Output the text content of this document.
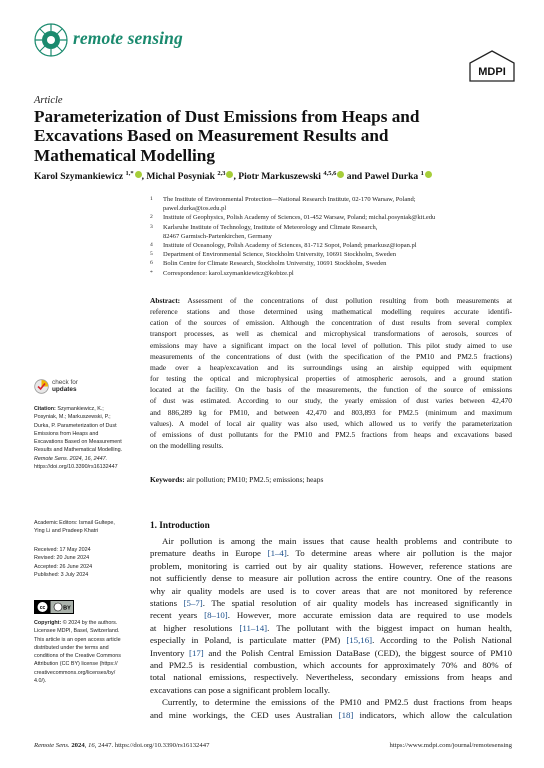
remote sensing
MDPI
Article
Parameterization of Dust Emissions from Heaps and
Excavations Based on Measurement Results and
Mathematical Modelling
Karol Szymankiewicz $^{1,*}$ , Michal Posyniak $^{2,3}$ , Piotr Markuszewski $^{4,5,6}$ and Pawel Durka $^1$
1	The Institute of Environmental Protection—National Research Institute, 02-170 Warsaw, Poland;
pawel.durka@ios.edu.pl
2	Institute of Geophysics, Polish Academy of Sciences, 01-452 Warsaw, Poland; michal.posyniak@kit.edu
3	Karlsruhe Institute of Technology, Institute of Meteorology and Climate Research,
82467 Garmisch-Partenkirchen, Germany
4	Institute of Oceanology, Polish Academy of Sciences, 81-712 Sopot, Poland; pmarkusz@iopan.pl
5	Department of Environmental Science, Stockholm University, 10691 Stockholm, Sweden
6	Bolin Centre for Climate Research, Stockholm University, 10691 Stockholm, Sweden
*	Correspondence: karol.szymankiewicz@kobize.pl
Abstract: Assessment of the concentrations of dust pollution resulting from both measurements at
reference stations and those determined using mathematical modelling requires accurate identifi-
cation of the sources of emission. Although the concentration of dust results from several complex
transport processes, as well as chemical and microphysical transformations of aerosols, sources of
emissions may have a significant impact on the local level of pollution. This pilot study aimed to use
measurements of the concentrations of dust (with the specification of the PM10 and PM2.5 fractions)
made over a heap/excavation and its surroundings using an airship equipped with equipment
for testing the optical and microphysical properties of atmospheric aerosols, and a ground station
located at the facility. On the basis of the measurements, the function of the source of emissions
of dust was estimated. According to our study, the yearly emission of dust varies between 42,470
and 886,289 kg for PM10, and between 42,470 and 803,893 for PM2.5 (minimum and maximum
values). A model of local air quality was also used, which allowed us to verify the parameterization
of emissions of dust pollutants for the PM10 and PM2.5 fractions from heaps and excavations based
on the modelling results.
Keywords: air pollution; PM10; PM2.5; emissions; heaps
check for
updates
Citation: Szymankiewicz, K.;
Posyniak, M.; Markuszewski, P.;
Durka, P. Parameterization of Dust
Emissions from Heaps and
Excavations Based on Measurement
Results and Mathematical Modelling.
Remote Sens. 2024, 16, 2447.
https://doi.org/10.3390/rs16132447
Academic Editors: Ismail Gultepe,
Ying Li and Pradeep Khatri
Received: 17 May 2024
Revised: 20 June 2024
Accepted: 26 June 2024
Published: 3 July 2024
cc	BY
Copyright: © 2024 by the authors.
Licensee MDPI, Basel, Switzerland.
This article is an open access article
distributed under the terms and
conditions of the Creative Commons
Attribution (CC BY) license (https://
creativecommons.org/licenses/by/
4.0/).
1. Introduction
Air pollution is among the main issues that cause health problems and contribute to
premature deaths in Europe [1–4]. To determine areas where air pollution is the major
problem, monitoring is carried out by air quality stations. However, reference stations are
not sufficiently dense to measure air pollution across the entire country. One of the reasons
why air quality models are used is to cover areas that are not monitored by reference
stations [5–7]. The spatial resolution of air quality models has increased significantly in
recent years [8–10]. However, more accurate emission data are required to use models
at higher resolutions [11–14]. The pollutant with the biggest impact on human health,
especially in Poland, is particulate matter (PM) [15,16]. According to the Polish National
Inventory [17] and the Polish Central Emission DataBase (CED), the biggest source of PM10
and PM2.5 is residential combustion, which accounts for approximately 70% and 80% of
total national emissions, respectively. Nevertheless, secondary emissions from heaps and
excavations can pose a significant problem locally.
Currently, to determine the emissions of the PM10 and PM2.5 dust fractions from heaps
and mine workings, the CED uses Australian [18] indicators, which allow the calculation
Remote Sens. 2024, 16, 2447. https://doi.org/10.3390/rs16132447	https://www.mdpi.com/journal/remotesensing
